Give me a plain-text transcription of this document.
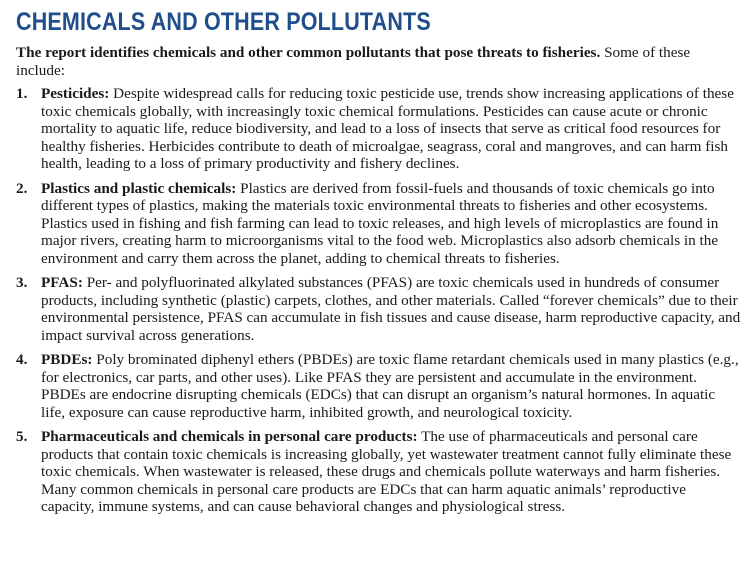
CHEMICALS AND OTHER POLLUTANTS

The report identifies chemicals and other common pollutants that pose threats to fisheries. Some of these include:

1. Pesticides: Despite widespread calls for reducing toxic pesticide use, trends show increasing applications of these toxic chemicals globally, with increasingly toxic chemical formulations. Pesticides can cause acute or chronic mortality to aquatic life, reduce biodiversity, and lead to a loss of insects that serve as critical food resources for healthy fisheries. Herbicides contribute to death of microalgae, seagrass, coral and mangroves, and can harm fish health, leading to a loss of primary productivity and fishery declines.
2. Plastics and plastic chemicals: Plastics are derived from fossil-fuels and thousands of toxic chemicals go into different types of plastics, making the materials toxic environmental threats to fisheries and other ecosystems. Plastics used in fishing and fish farming can lead to toxic releases, and high levels of microplastics are found in major rivers, creating harm to microorganisms vital to the food web. Microplastics also adsorb chemicals in the environment and carry them across the planet, adding to chemical threats to fisheries.
3. PFAS: Per- and polyfluorinated alkylated substances (PFAS) are toxic chemicals used in hundreds of consumer products, including synthetic (plastic) carpets, clothes, and other materials. Called “forever chemicals” due to their environmental persistence, PFAS can accumulate in fish tissues and cause disease, harm reproductive capacity, and impact survival across generations.
4. PBDEs: Poly brominated diphenyl ethers (PBDEs) are toxic flame retardant chemicals used in many plastics (e.g., for electronics, car parts, and other uses). Like PFAS they are persistent and accumulate in the environment. PBDEs are endocrine disrupting chemicals (EDCs) that can disrupt an organism’s natural hormones. In aquatic life, exposure can cause reproductive harm, inhibited growth, and neurological toxicity.
5. Pharmaceuticals and chemicals in personal care products: The use of pharmaceuticals and personal care products that contain toxic chemicals is increasing globally, yet wastewater treatment cannot fully eliminate these toxic chemicals. When wastewater is released, these drugs and chemicals pollute waterways and harm fisheries. Many common chemicals in personal care products are EDCs that can harm aquatic animals’ reproductive capacity, immune systems, and can cause behavioral changes and physiological stress.
